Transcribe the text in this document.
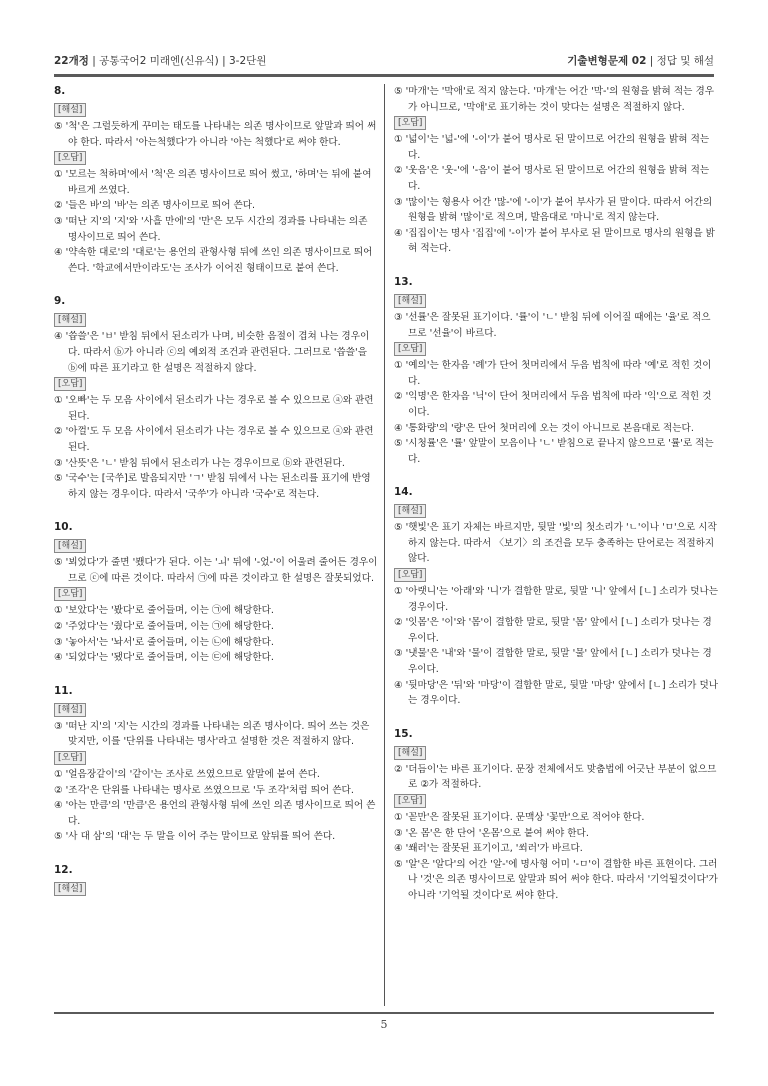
22개정 | 공통국어2 미래엔(신유식) | 3-2단원	기출변형문제 02 | 정답 및 해설
8.
[해설]

⑤ '척'은 그럴듯하게 꾸미는 태도를 나타내는 의존 명사이므로 앞말과 띄어 써야 한다. 따라서 '아는척했다'가 아니라 '아는 척했다'로 써야 한다.

[오답]

① '모르는 척하며'에서 '척'은 의존 명사이므로 띄어 썼고, '하며'는 뒤에 붙여 바르게 쓰였다.

② '들은 바'의 '바'는 의존 명사이므로 띄어 쓴다.

③ '떠난 지'의 '지'와 '사흘 만에'의 '만'은 모두 시간의 경과를 나타내는 의존 명사이므로 띄어 쓴다.

④ '약속한 대로'의 '대로'는 용언의 관형사형 뒤에 쓰인 의존 명사이므로 띄어 쓴다. '학교에서만이라도'는 조사가 이어진 형태이므로 붙여 쓴다.

9.
[해설]

④ '씁쓸'은 'ㅂ' 받침 뒤에서 된소리가 나며, 비슷한 음절이 겹쳐 나는 경우이다. 따라서 ⓑ가 아니라 ⓒ의 예외적 조건과 관련된다. 그러므로 '씁쓸'을 ⓑ에 따른 표기라고 한 설명은 적절하지 않다.

[오답]

① '오빠'는 두 모음 사이에서 된소리가 나는 경우로 볼 수 있으므로 ⓐ와 관련된다.

② '아껄'도 두 모음 사이에서 된소리가 나는 경우로 볼 수 있으므로 ⓐ와 관련된다.

③ '산뜻'은 'ㄴ' 받침 뒤에서 된소리가 나는 경우이므로 ⓑ와 관련된다.

⑤ '국수'는 [국쑤]로 발음되지만 'ㄱ' 받침 뒤에서 나는 된소리를 표기에 반영하지 않는 경우이다. 따라서 '국쑤'가 아니라 '국수'로 적는다.

10.
[해설]

⑤ '뵈었다'가 줄면 '뵀다'가 된다. 이는 'ㅚ' 뒤에 '-었-'이 어울려 줄어든 경우이므로 ⓒ에 따른 것이다. 따라서 ㉠에 따른 것이라고 한 설명은 잘못되었다.

[오답]

① '보았다'는 '봤다'로 줄어들며, 이는 ㉠에 해당한다.

② '주었다'는 '줬다'로 줄어들며, 이는 ㉠에 해당한다.

③ '놓아서'는 '놔서'로 줄어들며, 이는 ㉡에 해당한다.

④ '되었다'는 '됐다'로 줄어들며, 이는 ㉢에 해당한다.

11.
[해설]

③ '떠난 지'의 '지'는 시간의 경과를 나타내는 의존 명사이다. 띄어 쓰는 것은 맞지만, 이를 '단위를 나타내는 명사'라고 설명한 것은 적절하지 않다.

[오답]

① '얼음장같이'의 '같이'는 조사로 쓰였으므로 앞말에 붙여 쓴다.

② '조각'은 단위를 나타내는 명사로 쓰였으므로 '두 조각'처럼 띄어 쓴다.

④ '아는 만큼'의 '만큼'은 용언의 관형사형 뒤에 쓰인 의존 명사이므로 띄어 쓴다.

⑤ '사 대 삼'의 '대'는 두 말을 이어 주는 말이므로 앞뒤를 띄어 쓴다.

12.
[해설]

⑤ '마개'는 '막애'로 적지 않는다. '마개'는 어간 '막-'의 원형을 밝혀 적는 경우가 아니므로, '막애'로 표기하는 것이 맞다는 설명은 적절하지 않다.

[오답]

① '넓이'는 '넓-'에 '-이'가 붙어 명사로 된 말이므로 어간의 원형을 밝혀 적는다.

② '웃음'은 '웃-'에 '-음'이 붙어 명사로 된 말이므로 어간의 원형을 밝혀 적는다.

③ '많이'는 형용사 어간 '많-'에 '-이'가 붙어 부사가 된 말이다. 따라서 어간의 원형을 밝혀 '많이'로 적으며, 발음대로 '마니'로 적지 않는다.

④ '집집이'는 명사 '집집'에 '-이'가 붙어 부사로 된 말이므로 명사의 원형을 밝혀 적는다.

13.
[해설]

③ '선률'은 잘못된 표기이다. '률'이 'ㄴ' 받침 뒤에 이어질 때에는 '율'로 적으므로 '선율'이 바르다.

[오답]

① '예의'는 한자음 '례'가 단어 첫머리에서 두음 법칙에 따라 '예'로 적힌 것이다.

② '익명'은 한자음 '닉'이 단어 첫머리에서 두음 법칙에 따라 '익'으로 적힌 것이다.

④ '통화량'의 '량'은 단어 첫머리에 오는 것이 아니므로 본음대로 적는다.

⑤ '시청률'은 '률' 앞말이 모음이나 'ㄴ' 받침으로 끝나지 않으므로 '률'로 적는다.

14.
[해설]

⑤ '햇빛'은 표기 자체는 바르지만, 뒷말 '빛'의 첫소리가 'ㄴ'이나 'ㅁ'으로 시작하지 않는다. 따라서 〈보기〉의 조건을 모두 충족하는 단어로는 적절하지 않다.

[오답]

① '아랫니'는 '아래'와 '니'가 결합한 말로, 뒷말 '니' 앞에서 [ㄴ] 소리가 덧나는 경우이다.

② '잇몸'은 '이'와 '몸'이 결합한 말로, 뒷말 '몸' 앞에서 [ㄴ] 소리가 덧나는 경우이다.

③ '냇물'은 '내'와 '물'이 결합한 말로, 뒷말 '물' 앞에서 [ㄴ] 소리가 덧나는 경우이다.

④ '뒷마당'은 '뒤'와 '마당'이 결합한 말로, 뒷말 '마당' 앞에서 [ㄴ] 소리가 덧나는 경우이다.

15.
[해설]

② '더듬이'는 바른 표기이다. 문장 전체에서도 맞춤법에 어긋난 부분이 없으므로 ②가 적절하다.

[오답]

① '꼳만'은 잘못된 표기이다. 문맥상 '꽃만'으로 적어야 한다.

③ '온 몸'은 한 단어 '온몸'으로 붙여 써야 한다.

④ '쐐러'는 잘못된 표기이고, '쐬러'가 바르다.

⑤ '알'은 '알다'의 어간 '알-'에 명사형 어미 '-ㅁ'이 결합한 바른 표현이다. 그러나 '것'은 의존 명사이므로 앞말과 띄어 써야 한다. 따라서 '기억될것이다'가 아니라 '기억될 것이다'로 써야 한다.

5
